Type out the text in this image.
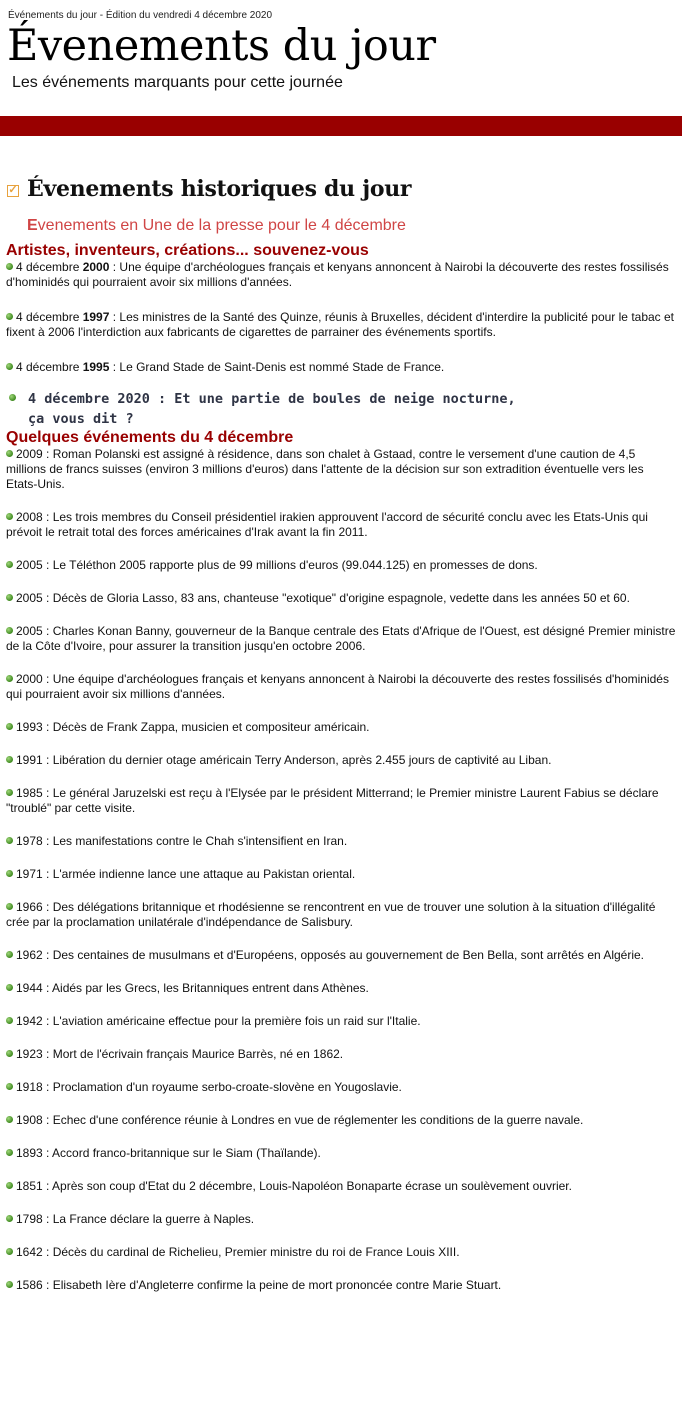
Événements du jour - Édition du vendredi 4 décembre 2020
Évenements du jour
Les événements marquants pour cette journée
✓ Évenements historiques du jour
Evenements en Une de la presse pour le 4 décembre
Artistes, inventeurs, créations... souvenez-vous
4 décembre 2000 : Une équipe d'archéologues français et kenyans annoncent à Nairobi la découverte des restes fossilisés d'hominidés qui pourraient avoir six millions d'années.
4 décembre 1997 : Les ministres de la Santé des Quinze, réunis à Bruxelles, décident d'interdire la publicité pour le tabac et fixent à 2006 l'interdiction aux fabricants de cigarettes de parrainer des événements sportifs.
4 décembre 1995 : Le Grand Stade de Saint-Denis est nommé Stade de France.
4 décembre 2020 : Et une partie de boules de neige nocturne, ça vous dit ?
Quelques événements du 4 décembre
2009 : Roman Polanski est assigné à résidence, dans son chalet à Gstaad, contre le versement d'une caution de 4,5 millions de francs suisses (environ 3 millions d'euros) dans l'attente de la décision sur son extradition éventuelle vers les Etats-Unis.
2008 : Les trois membres du Conseil présidentiel irakien approuvent l'accord de sécurité conclu avec les Etats-Unis qui prévoit le retrait total des forces américaines d'Irak avant la fin 2011.
2005 : Le Téléthon 2005 rapporte plus de 99 millions d'euros (99.044.125) en promesses de dons.
2005 : Décès de Gloria Lasso, 83 ans, chanteuse "exotique" d'origine espagnole, vedette dans les années 50 et 60.
2005 : Charles Konan Banny, gouverneur de la Banque centrale des Etats d'Afrique de l'Ouest, est désigné Premier ministre de la Côte d'Ivoire, pour assurer la transition jusqu'en octobre 2006.
2000 : Une équipe d'archéologues français et kenyans annoncent à Nairobi la découverte des restes fossilisés d'hominidés qui pourraient avoir six millions d'années.
1993 : Décès de Frank Zappa, musicien et compositeur américain.
1991 : Libération du dernier otage américain Terry Anderson, après 2.455 jours de captivité au Liban.
1985 : Le général Jaruzelski est reçu à l'Elysée par le président Mitterrand; le Premier ministre Laurent Fabius se déclare "troublé" par cette visite.
1978 : Les manifestations contre le Chah s'intensifient en Iran.
1971 : L'armée indienne lance une attaque au Pakistan oriental.
1966 : Des délégations britannique et rhodésienne se rencontrent en vue de trouver une solution à la situation d'illégalité crée par la proclamation unilatérale d'indépendance de Salisbury.
1962 : Des centaines de musulmans et d'Européens, opposés au gouvernement de Ben Bella, sont arrêtés en Algérie.
1944 : Aidés par les Grecs, les Britanniques entrent dans Athènes.
1942 : L'aviation américaine effectue pour la première fois un raid sur l'Italie.
1923 : Mort de l'écrivain français Maurice Barrès, né en 1862.
1918 : Proclamation d'un royaume serbo-croate-slovène en Yougoslavie.
1908 : Echec d'une conférence réunie à Londres en vue de réglementer les conditions de la guerre navale.
1893 : Accord franco-britannique sur le Siam (Thaïlande).
1851 : Après son coup d'Etat du 2 décembre, Louis-Napoléon Bonaparte écrase un soulèvement ouvrier.
1798 : La France déclare la guerre à Naples.
1642 : Décès du cardinal de Richelieu, Premier ministre du roi de France Louis XIII.
1586 : Elisabeth Ière d'Angleterre confirme la peine de mort prononcée contre Marie Stuart.
